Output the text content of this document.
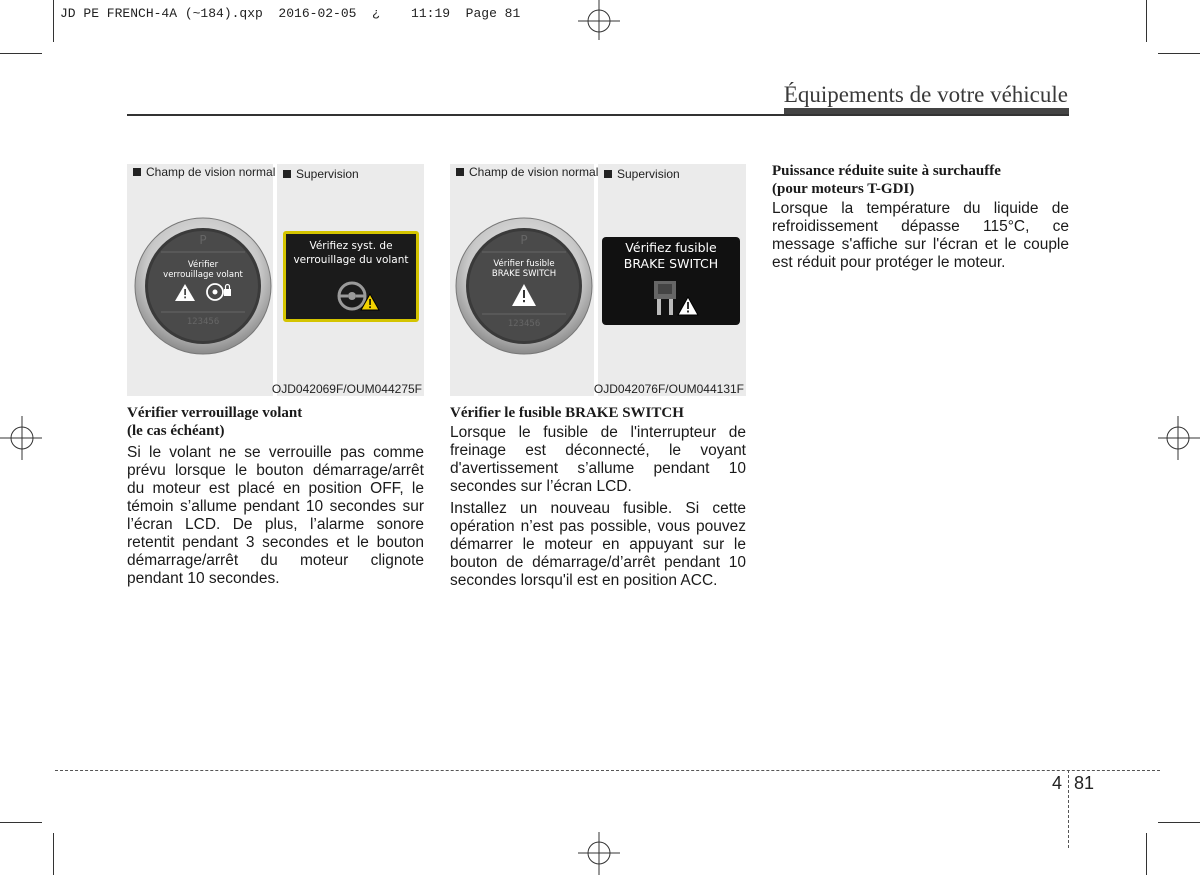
JD PE FRENCH-4A (~184).qxp  2016-02-05  ¿    11:19  Page 81
Équipements de votre véhicule
Champ de vision normal	Supervision
P
Vérifier
verrouillage volant
123456
Vérifiez syst. de
verrouillage du volant
OJD042069F/OUM044275F
Champ de vision normal	Supervision
P
Vérifier fusible
BRAKE SWITCH
123456
Vérifiez fusible
BRAKE SWITCH
OJD042076F/OUM044131F
Vérifier verrouillage volant
(le cas échéant)

Si le volant ne se verrouille pas comme prévu lorsque le bouton démarrage/arrêt du moteur est placé en position OFF, le témoin s’allume pendant 10 secondes sur l’écran LCD. De plus, l’alarme sonore retentit pendant 3 secondes et le bouton démarrage/arrêt du moteur clignote pendant 10 secondes.

Vérifier le fusible BRAKE SWITCH

Lorsque le fusible de l'interrupteur de freinage est déconnecté, le voyant d'avertissement s’allume pendant 10 secondes sur l’écran LCD.

Installez un nouveau fusible. Si cette opération n’est pas possible, vous pouvez démarrer le moteur en appuyant sur le bouton de démarrage/d’arrêt pendant 10 secondes lorsqu'il est en position ACC.

Puissance réduite suite à surchauffe
(pour moteurs T-GDI)

Lorsque la température du liquide de refroidissement dépasse 115°C, ce message s'affiche sur l'écran et le couple est réduit pour protéger le moteur.

4 81
